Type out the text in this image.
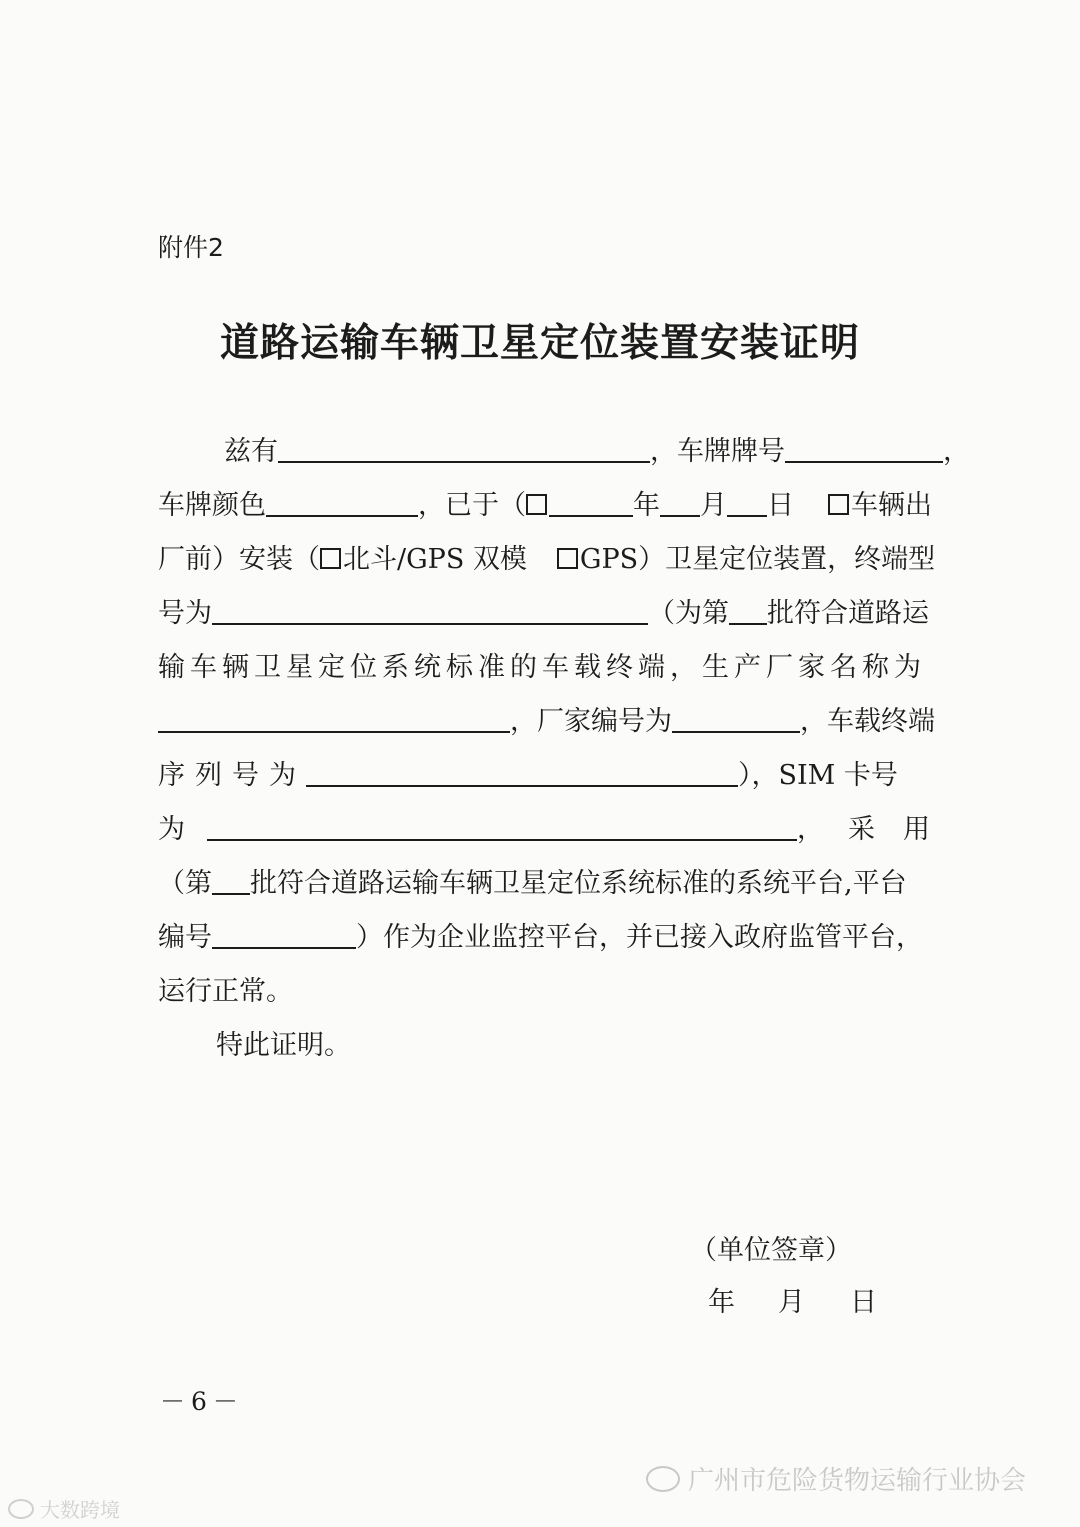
附件2
道路运输车辆卫星定位装置安装证明
兹有	，车牌牌号	，
车牌颜色	，已于（	年 月 日 车辆出
厂前）安装（ 北斗/GPS 双模 GPS）卫星定位装置，终端型
号为	（为第 批符合道路运
输车辆卫星定位系统标准的车载终端，生产厂家名称为
，厂家编号为	，车载终端
序列号为	），SIM 卡号
为	， 采用
（第 批符合道路运输车辆卫星定位系统标准的系统平台,平台
编号	）作为企业监控平台，并已接入政府监管平台，
运行正常。
特此证明。
（单位签章）
年 月 日
－6－
广州市危险货物运输行业协会
大数跨境
